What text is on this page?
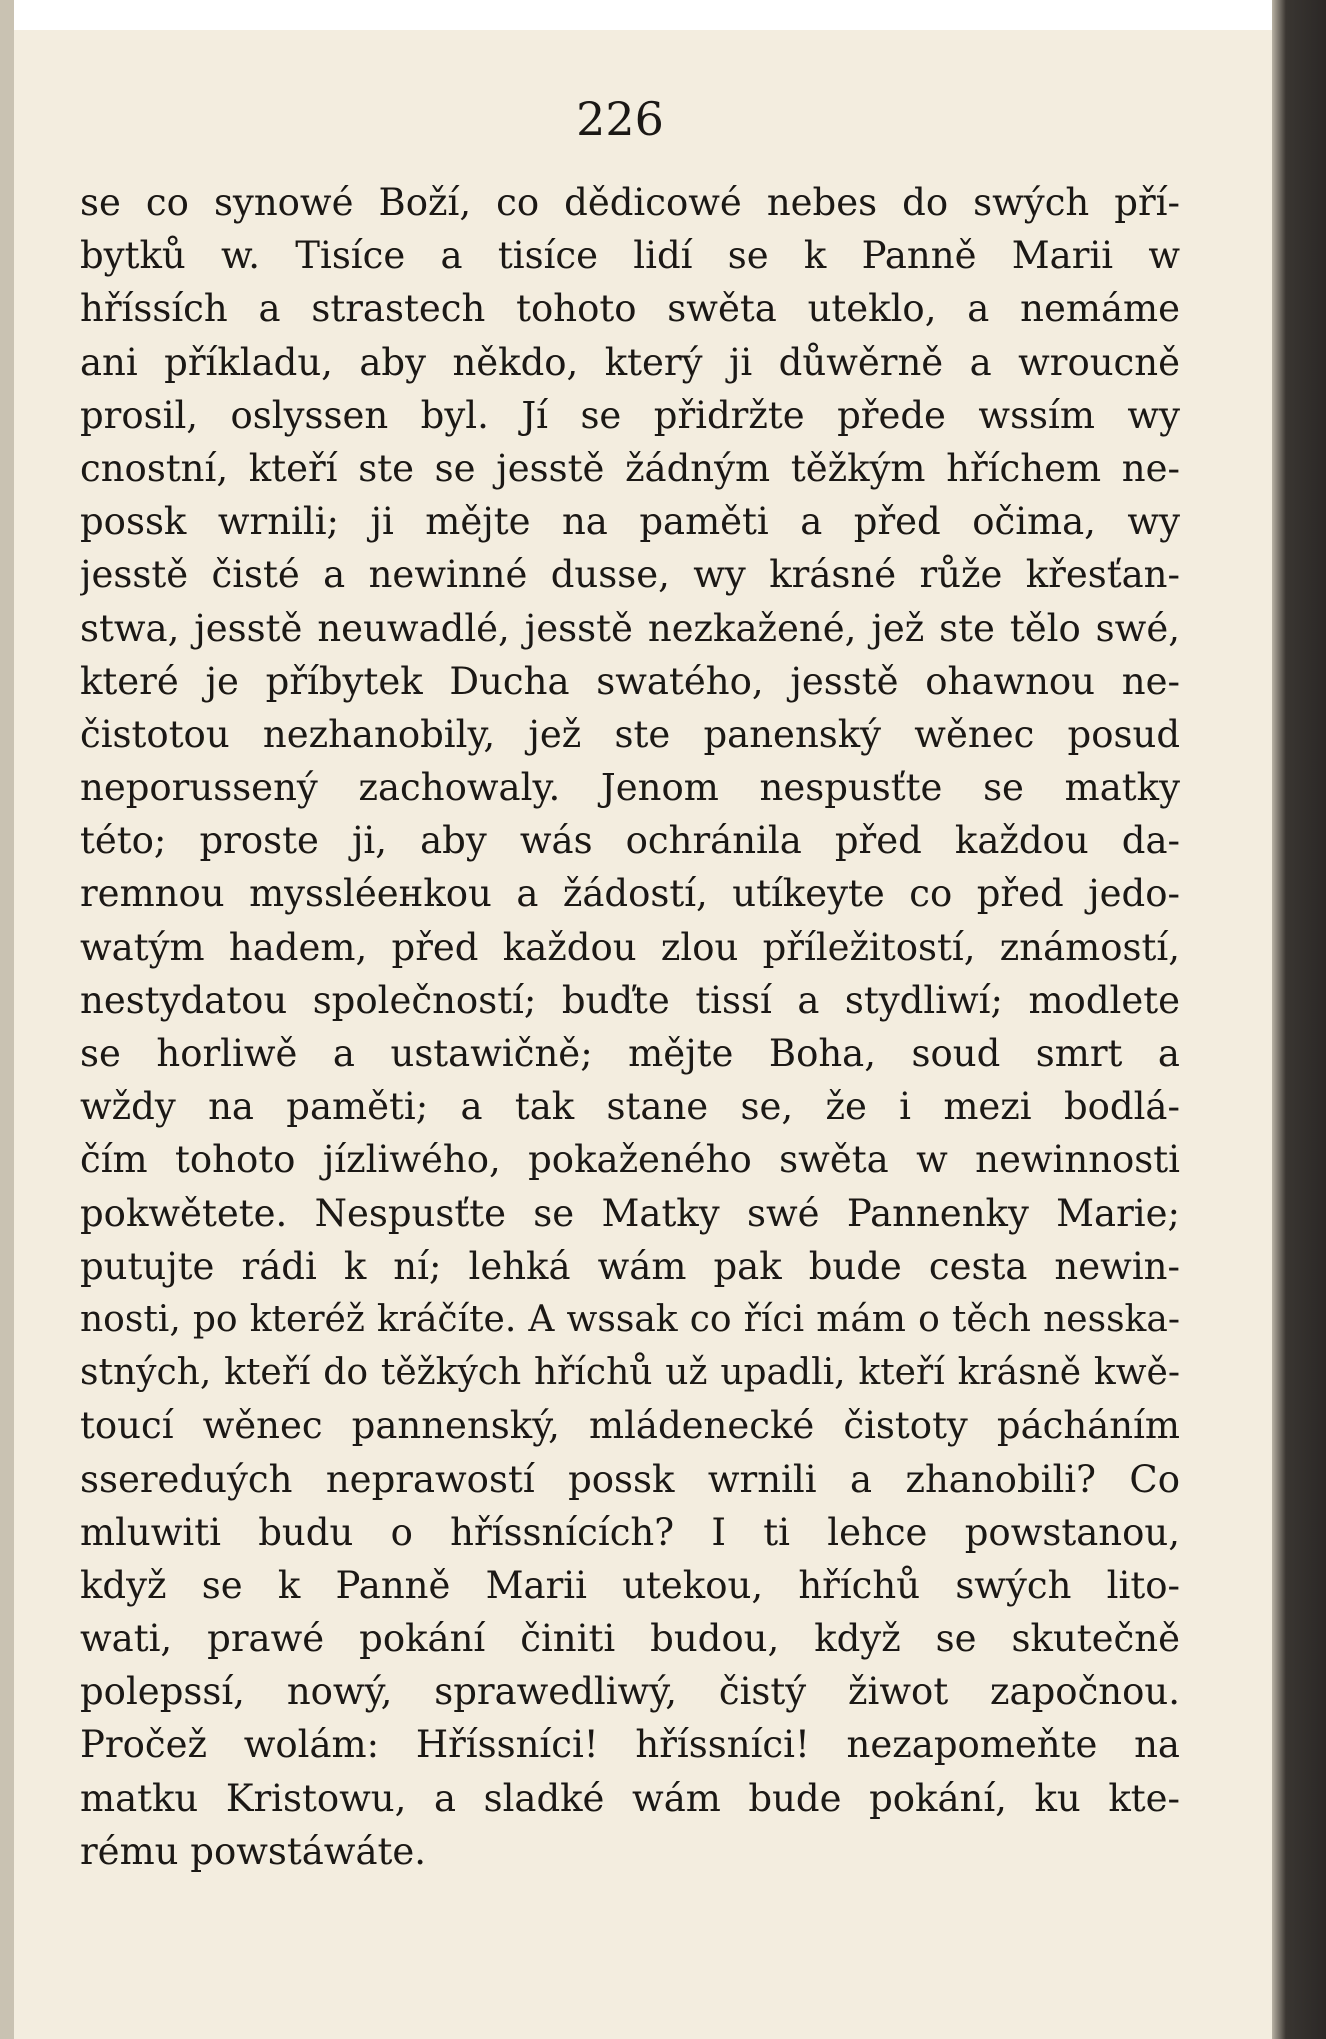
226
se co synowé Boží, co dědicowé nebes do swých pří-
bytků w. Tisíce a tisíce lidí se k Panně Marii w
hříssích a strastech tohoto swěta uteklo, a nemáme
ani příkladu, aby někdo, který ji důwěrně a wroucně
prosil, oslyssen byl. Jí se přidržte přede wssím wy
cnostní, kteří ste se jesstě žádným těžkým hříchem ne-
possk wrnili; ji mějte na paměti a před očima, wy
jesstě čisté a newinné dusse, wy krásné růže křesťan-
stwa, jesstě neuwadlé, jesstě nezkažené, jež ste tělo swé,
které je příbytek Ducha swatého, jesstě ohawnou ne-
čistotou nezhanobily, jež ste panenský wěnec posud
neporussený zachowaly. Jenom nespusťte se matky
této; proste ji, aby wás ochránila před každou da-
remnou myssléенkou a žádostí, utíkeyte co před jedo-
watým hadem, před každou zlou příležitostí, známostí,
nestydatou společností; buďte tissí a stydliwí; modlete
se horliwě a ustawičně; mějte Boha, soud smrt a
wždy na paměti; a tak stane se, že i mezi bodlá-
čím tohoto jízliwého, pokaženého swěta w newinnosti
pokwětete. Nespusťte se Matky swé Pannenky Marie;
putujte rádi k ní; lehká wám pak bude cesta newin-
nosti, po kteréž kráčíte. A wssak co říci mám o těch nesska-
stných, kteří do těžkých hříchů už upadli, kteří krásně kwě-
toucí wěnec pannenský, mládenecké čistoty pácháním
ssereduých neprawostí possk wrnili a zhanobili? Co
mluwiti budu o hříssnících? I ti lehce powstanou,
když se k Panně Marii utekou, hříchů swých lito-
wati, prawé pokání činiti budou, když se skutečně
polepssí, nowý, sprawedliwý, čistý žiwot započnou.
Pročež wolám: Hříssníci! hříssníci! nezapomeňte na
matku Kristowu, a sladké wám bude pokání, ku kte-
rému powstáwáte.
